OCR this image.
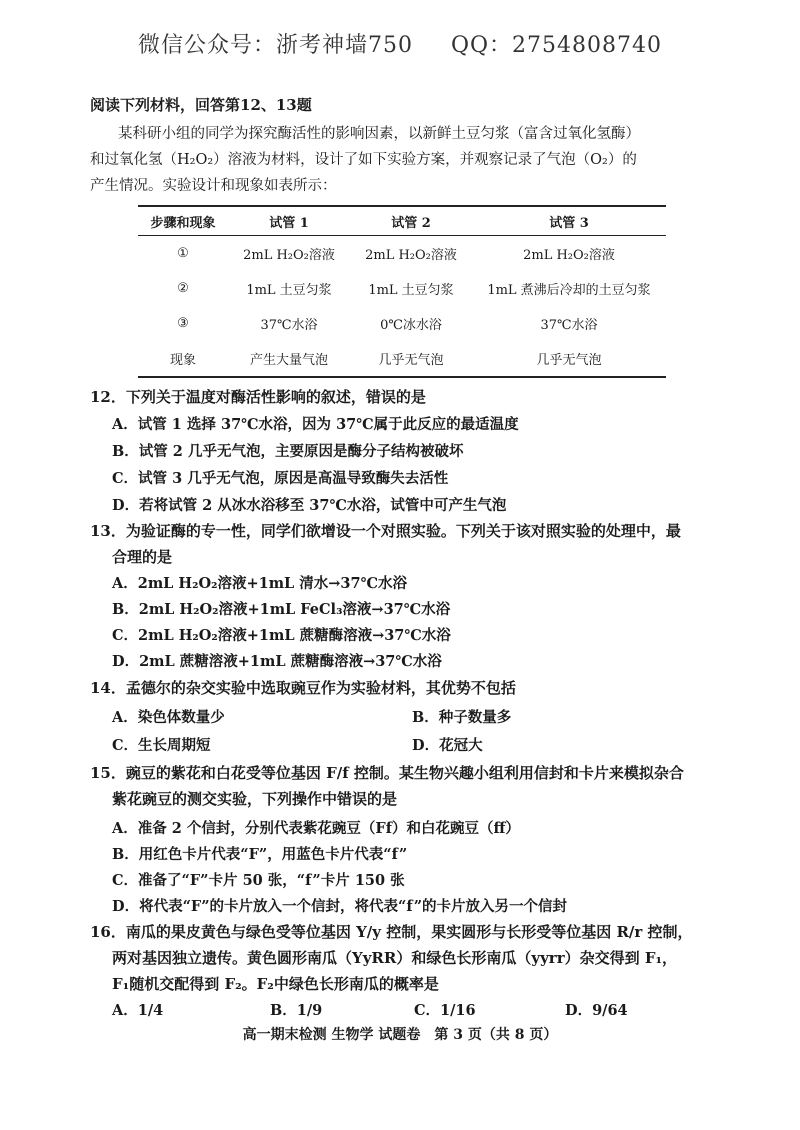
微信公众号：浙考神墙750 QQ：2754808740
阅读下列材料，回答第12、13题
某科研小组的同学为探究酶活性的影响因素，以新鲜土豆匀浆（富含过氧化氢酶）
和过氧化氢（H₂O₂）溶液为材料，设计了如下实验方案，并观察记录了气泡（O₂）的
产生情况。实验设计和现象如表所示：
步骤和现象	试管 1	试管 2	试管 3
①	2mL H₂O₂溶液	2mL H₂O₂溶液	2mL H₂O₂溶液
②	1mL 土豆匀浆	1mL 土豆匀浆	1mL 煮沸后冷却的土豆匀浆
③	37℃水浴	0℃冰水浴	37℃水浴
现象	产生大量气泡	几乎无气泡	几乎无气泡
12．下列关于温度对酶活性影响的叙述，错误的是
A．试管 1 选择 37℃水浴，因为 37℃属于此反应的最适温度
B．试管 2 几乎无气泡，主要原因是酶分子结构被破坏
C．试管 3 几乎无气泡，原因是高温导致酶失去活性
D．若将试管 2 从冰水浴移至 37℃水浴，试管中可产生气泡
13．为验证酶的专一性，同学们欲增设一个对照实验。下列关于该对照实验的处理中，最
合理的是
A．2mL H₂O₂溶液+1mL 清水→37℃水浴
B．2mL H₂O₂溶液+1mL FeCl₃溶液→37℃水浴
C．2mL H₂O₂溶液+1mL 蔗糖酶溶液→37℃水浴
D．2mL 蔗糖溶液+1mL 蔗糖酶溶液→37℃水浴
14．孟德尔的杂交实验中选取豌豆作为实验材料，其优势不包括
A．染色体数量少	B．种子数量多
C．生长周期短	D．花冠大
15．豌豆的紫花和白花受等位基因 F/f 控制。某生物兴趣小组利用信封和卡片来模拟杂合
紫花豌豆的测交实验，下列操作中错误的是
A．准备 2 个信封，分别代表紫花豌豆（Ff）和白花豌豆（ff）
B．用红色卡片代表“F”，用蓝色卡片代表“f”
C．准备了“F”卡片 50 张，“f”卡片 150 张
D．将代表“F”的卡片放入一个信封，将代表“f”的卡片放入另一个信封
16．南瓜的果皮黄色与绿色受等位基因 Y/y 控制，果实圆形与长形受等位基因 R/r 控制，
两对基因独立遗传。黄色圆形南瓜（YyRR）和绿色长形南瓜（yyrr）杂交得到 F₁，
F₁随机交配得到 F₂。F₂中绿色长形南瓜的概率是
A．1/4	B．1/9	C．1/16	D．9/64
高一期末检测 生物学 试题卷　第 3 页（共 8 页）
